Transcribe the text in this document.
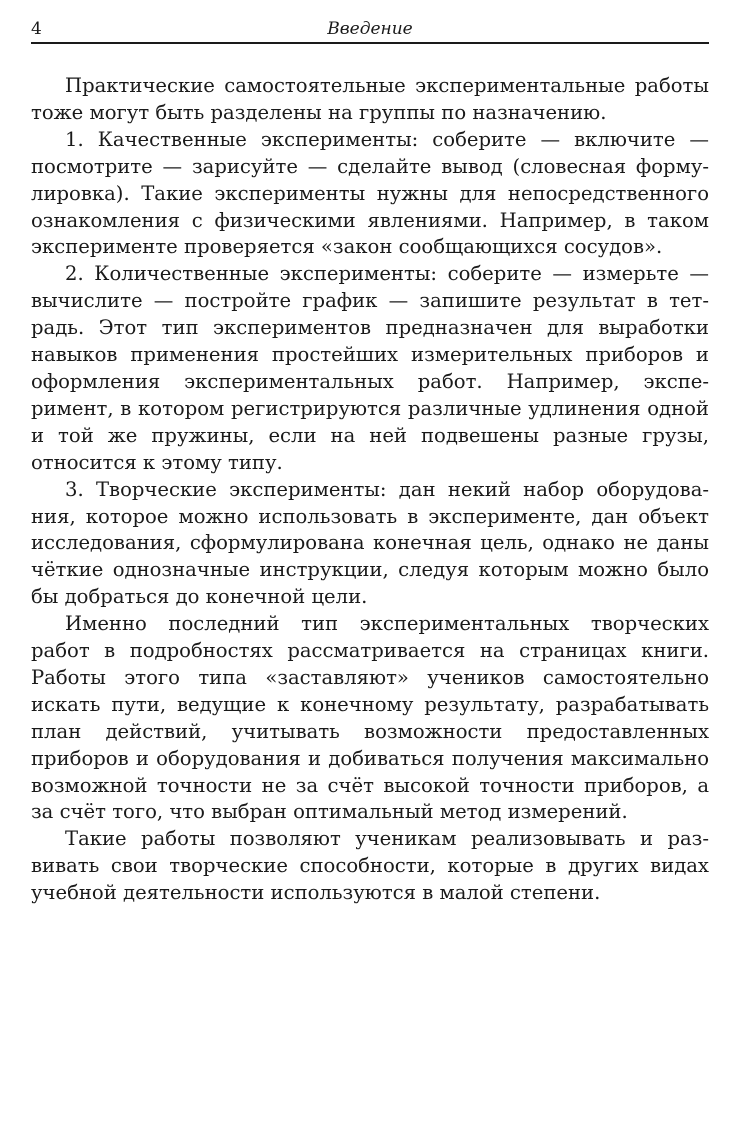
4	Введение

Практические самостоятельные экспериментальные работы тоже могут быть разделены на группы по назначению.

1. Качественные эксперименты: соберите — включите — посмотрите — зарисуйте — сделайте вывод (словесная формулировка). Такие эксперименты нужны для непосредственного ознакомления с физическими явлениями. Например, в таком эксперименте проверяется «закон сообщающихся сосудов».

2. Количественные эксперименты: соберите — измерьте — вычислите — постройте график — запишите результат в тетрадь. Этот тип экспериментов предназначен для выработки навыков применения простейших измерительных приборов и оформления экспериментальных работ. Например, эксперимент, в котором регистрируются различные удлинения одной и той же пружины, если на ней подвешены разные грузы, относится к этому типу.

3. Творческие эксперименты: дан некий набор оборудования, которое можно использовать в эксперименте, дан объект исследования, сформулирована конечная цель, однако не даны чёткие однозначные инструкции, следуя которым можно было бы добраться до конечной цели.

Именно последний тип экспериментальных творческих работ в подробностях рассматривается на страницах книги. Работы этого типа «заставляют» учеников самостоятельно искать пути, ведущие к конечному результату, разрабатывать план действий, учитывать возможности предоставленных приборов и оборудования и добиваться получения максимально возможной точности не за счёт высокой точности приборов, а за счёт того, что выбран оптимальный метод измерений.

Такие работы позволяют ученикам реализовывать и развивать свои творческие способности, которые в других видах учебной деятельности используются в малой степени.
